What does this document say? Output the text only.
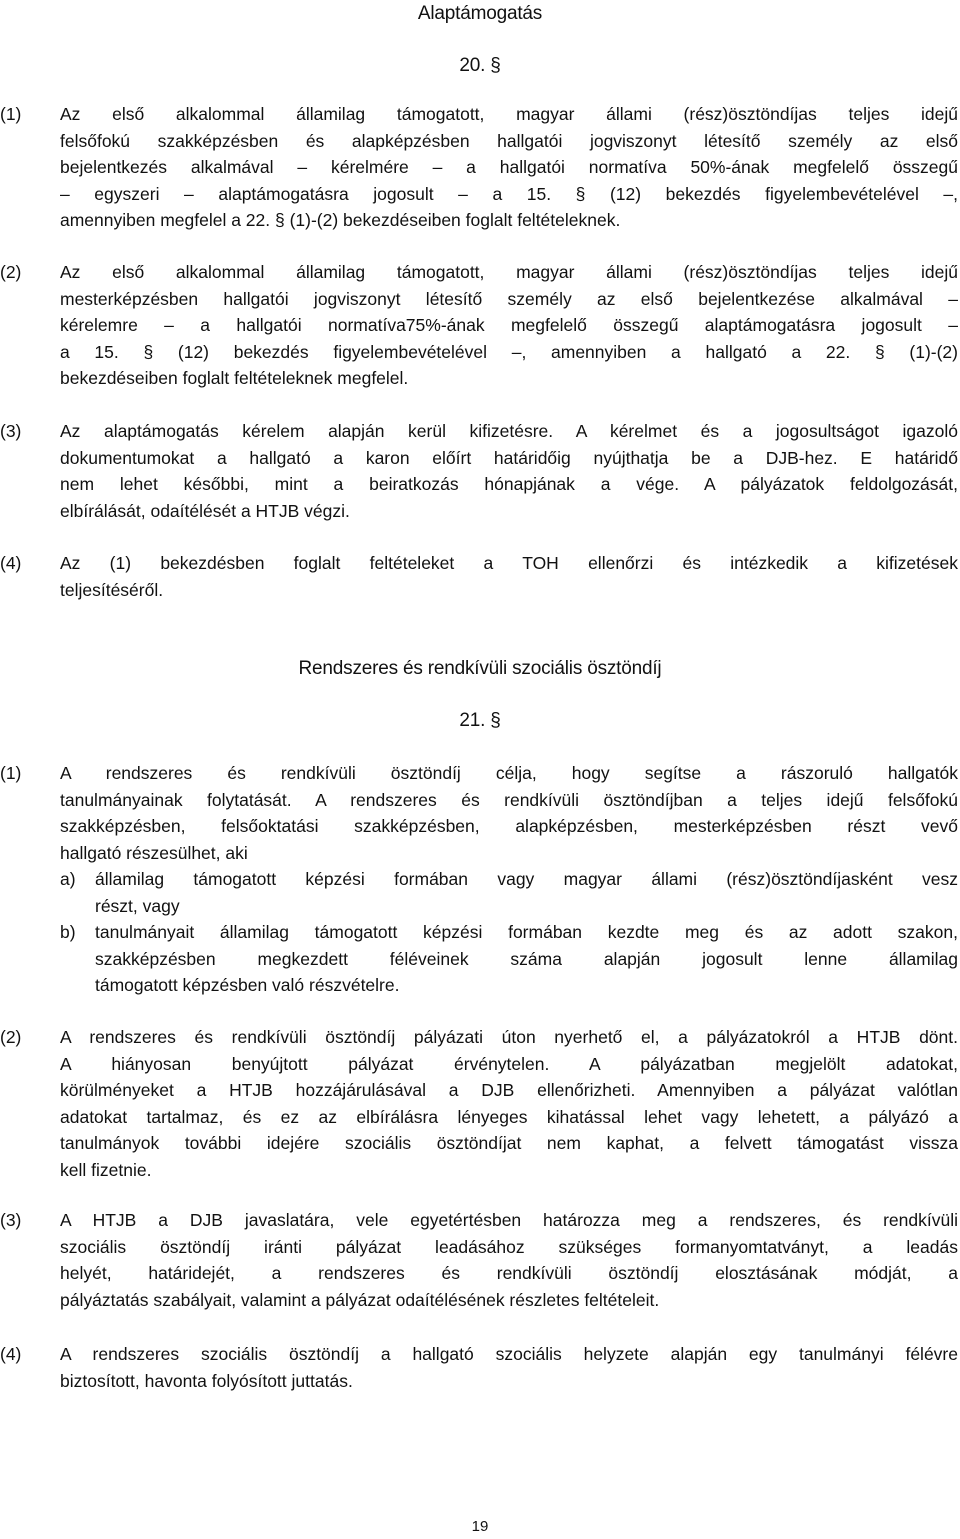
Alaptámogatás
20. §
(1)	Az első alkalommal államilag támogatott, magyar állami (rész)ösztöndíjas teljes idejű
felsőfokú szakképzésben és alapképzésben hallgatói jogviszonyt létesítő személy az első
bejelentkezés alkalmával – kérelmére – a hallgatói normatíva 50%-ának megfelelő összegű
– egyszeri – alaptámogatásra jogosult – a 15. § (12) bekezdés figyelembevételével –,
amennyiben megfelel a 22. § (1)-(2) bekezdéseiben foglalt feltételeknek.
(2)	Az első alkalommal államilag támogatott, magyar állami (rész)ösztöndíjas teljes idejű
mesterképzésben hallgatói jogviszonyt létesítő személy az első bejelentkezése alkalmával –
kérelemre – a hallgatói normatíva75%-ának megfelelő összegű alaptámogatásra jogosult –
a 15. § (12) bekezdés figyelembevételével –, amennyiben a hallgató a 22. § (1)-(2)
bekezdéseiben foglalt feltételeknek megfelel.
(3)	Az alaptámogatás kérelem alapján kerül kifizetésre. A kérelmet és a jogosultságot igazoló
dokumentumokat a hallgató a karon előírt határidőig nyújthatja be a DJB-hez. E határidő
nem lehet későbbi, mint a beiratkozás hónapjának a vége. A pályázatok feldolgozását,
elbírálását, odaítélését a HTJB végzi.
(4)	Az (1) bekezdésben foglalt feltételeket a TOH ellenőrzi és intézkedik a kifizetések
teljesítéséről.
Rendszeres és rendkívüli szociális ösztöndíj
21. §
(1)	A rendszeres és rendkívüli ösztöndíj célja, hogy segítse a rászoruló hallgatók
tanulmányainak folytatását. A rendszeres és rendkívüli ösztöndíjban a teljes idejű felsőfokú
szakképzésben, felsőoktatási szakképzésben, alapképzésben, mesterképzésben részt vevő
hallgató részesülhet, aki
a) államilag támogatott képzési formában vagy magyar állami (rész)ösztöndíjasként vesz
részt, vagy
b) tanulmányait államilag támogatott képzési formában kezdte meg és az adott szakon,
szakképzésben megkezdett féléveinek száma alapján jogosult lenne államilag
támogatott képzésben való részvételre.
(2)	A rendszeres és rendkívüli ösztöndíj pályázati úton nyerhető el, a pályázatokról a HTJB dönt.
A hiányosan benyújtott pályázat érvénytelen. A pályázatban megjelölt adatokat,
körülményeket a HTJB hozzájárulásával a DJB ellenőrizheti. Amennyiben a pályázat valótlan
adatokat tartalmaz, és ez az elbírálásra lényeges kihatással lehet vagy lehetett, a pályázó a
tanulmányok további idejére szociális ösztöndíjat nem kaphat, a felvett támogatást vissza
kell fizetnie.
(3)	A HTJB a DJB javaslatára, vele egyetértésben határozza meg a rendszeres, és rendkívüli
szociális ösztöndíj iránti pályázat leadásához szükséges formanyomtatványt, a leadás
helyét, határidejét, a rendszeres és rendkívüli ösztöndíj elosztásának módját, a
pályáztatás szabályait, valamint a pályázat odaítélésének részletes feltételeit.
(4)	A rendszeres szociális ösztöndíj a hallgató szociális helyzete alapján egy tanulmányi félévre
biztosított, havonta folyósított juttatás.
19
